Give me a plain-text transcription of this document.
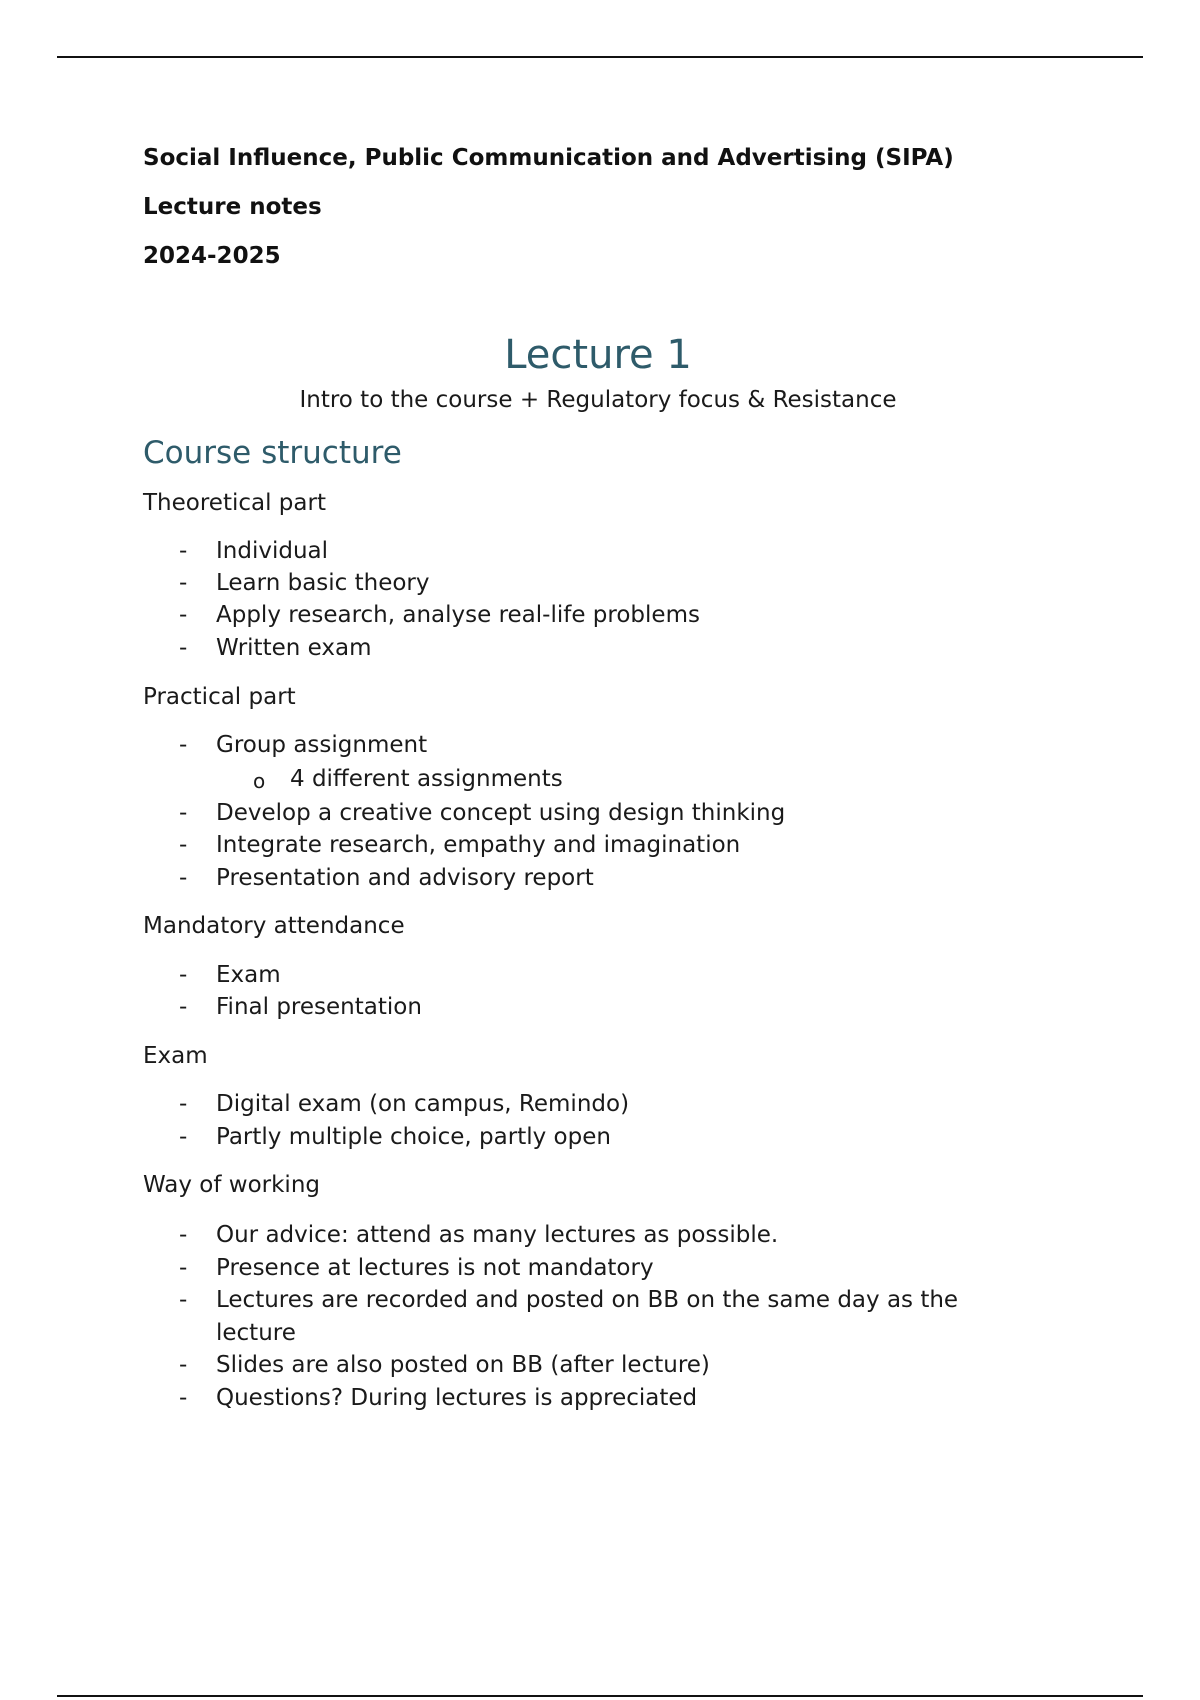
Social Influence, Public Communication and Advertising (SIPA)
Lecture notes
2024-2025
Lecture 1
Intro to the course + Regulatory focus & Resistance
Course structure
Theoretical part
- Individual
- Learn basic theory
- Apply research, analyse real-life problems
- Written exam
Practical part
- Group assignment
o 4 different assignments
- Develop a creative concept using design thinking
- Integrate research, empathy and imagination
- Presentation and advisory report
Mandatory attendance
- Exam
- Final presentation
Exam
- Digital exam (on campus, Remindo)
- Partly multiple choice, partly open
Way of working
- Our advice: attend as many lectures as possible.
- Presence at lectures is not mandatory
- Lectures are recorded and posted on BB on the same day as the
lecture
- Slides are also posted on BB (after lecture)
- Questions? During lectures is appreciated
